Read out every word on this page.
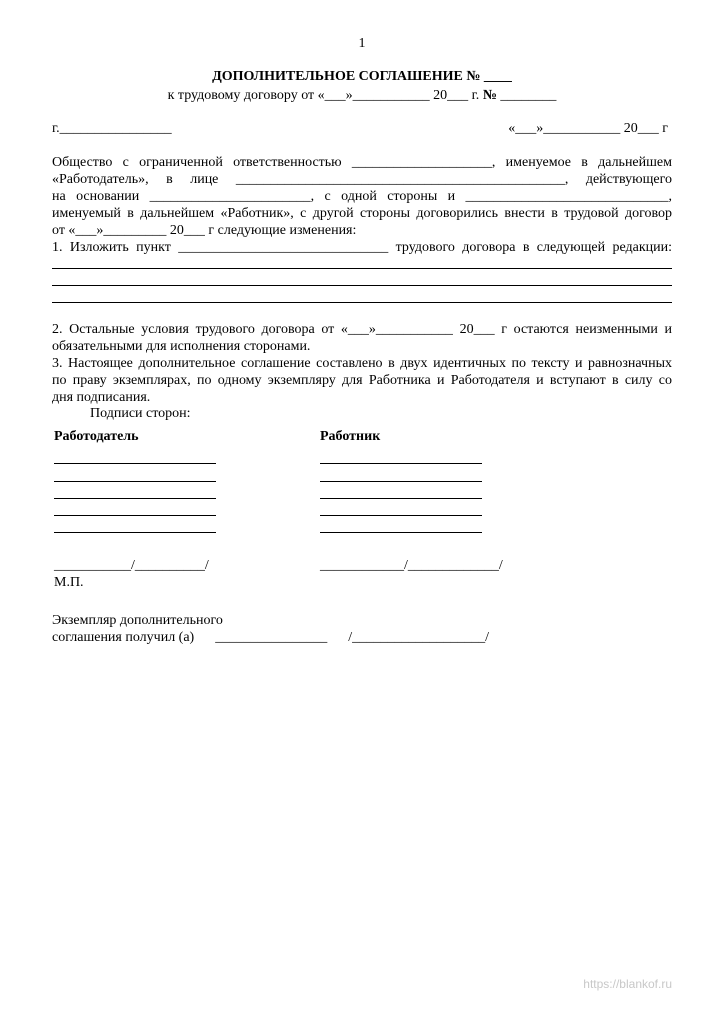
1
ДОПОЛНИТЕЛЬНОЕ СОГЛАШЕНИЕ № ____
к трудовому договору от «___»___________ 20___ г. № ________
г.________________	«___»___________ 20___ г
Общество с ограниченной ответственностью ____________________, именуемое в дальнейшем
«Работодатель», в лице _______________________________________________, действующего
на основании _______________________, с одной стороны и _____________________________,
именуемый в дальнейшем «Работник», с другой стороны договорились внести в трудовой договор
от «___»_________ 20___ г следующие изменения:
1. Изложить пункт ______________________________ трудового договора в следующей редакции:
2. Остальные условия трудового договора от «___»___________ 20___ г остаются неизменными и
обязательными для исполнения сторонами.
3. Настоящее дополнительное соглашение составлено в двух идентичных по тексту и равнозначных
по праву экземплярах, по одному экземпляру для Работника и Работодателя и вступают в силу со
дня подписания.
Подписи сторон:
Работодатель	Работник
___________/__________/	____________/_____________/
М.П.
Экземпляр дополнительного
соглашения получил (а)      ________________      /___________________/
https://blankof.ru
